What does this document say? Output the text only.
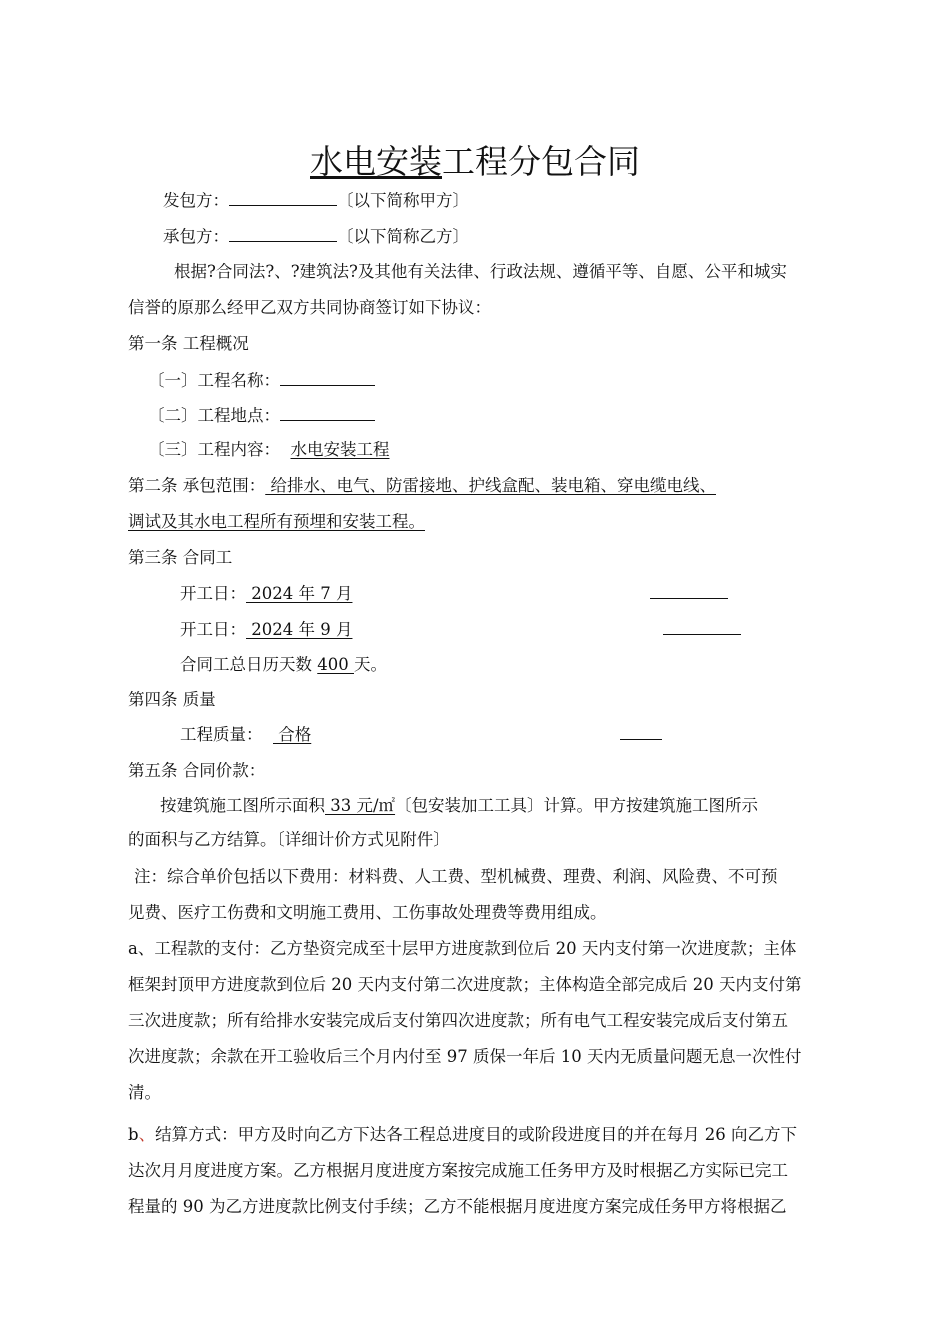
水电安装工程分包合同
发包方：	〔以下简称甲方〕
承包方：	〔以下简称乙方〕
根据?合同法?、?建筑法?及其他有关法律、行政法规、遵循平等、自愿、公平和城实
信誉的原那么经甲乙双方共同协商签订如下协议：
第一条 工程概况
〔一〕工程名称：
〔二〕工程地点：
〔三〕工程内容： 水电安装工程
第二条 承包范围： 给排水、电气、防雷接地、护线盒配、装电箱、穿电缆电线、
调试及其水电工程所有预埋和安装工程。
第三条 合同工
开工日： 2024 年 7 月
开工日： 2024 年 9 月
合同工总日历天数 400 天。
第四条 质量
工程质量：   合格
第五条 合同价款：
按建筑施工图所示面积 33 元/㎡〔包安装加工工具〕计算。甲方按建筑施工图所示
的面积与乙方结算。〔详细计价方式见附件〕
注：综合单价包括以下费用：材料费、人工费、型机械费、理费、利润、风险费、不可预
见费、医疗工伤费和文明施工费用、工伤事故处理费等费用组成。
a、工程款的支付：乙方垫资完成至十层甲方进度款到位后 20 天内支付第一次进度款；主体
框架封顶甲方进度款到位后 20 天内支付第二次进度款；主体构造全部完成后 20 天内支付第
三次进度款；所有给排水安装完成后支付第四次进度款；所有电气工程安装完成后支付第五
次进度款；余款在开工验收后三个月内付至 97 质保一年后 10 天内无质量问题无息一次性付
清。
b、结算方式：甲方及时向乙方下达各工程总进度目的或阶段进度目的并在每月 26 向乙方下
达次月月度进度方案。乙方根据月度进度方案按完成施工任务甲方及时根据乙方实际已完工
程量的 90 为乙方进度款比例支付手续；乙方不能根据月度进度方案完成任务甲方将根据乙
